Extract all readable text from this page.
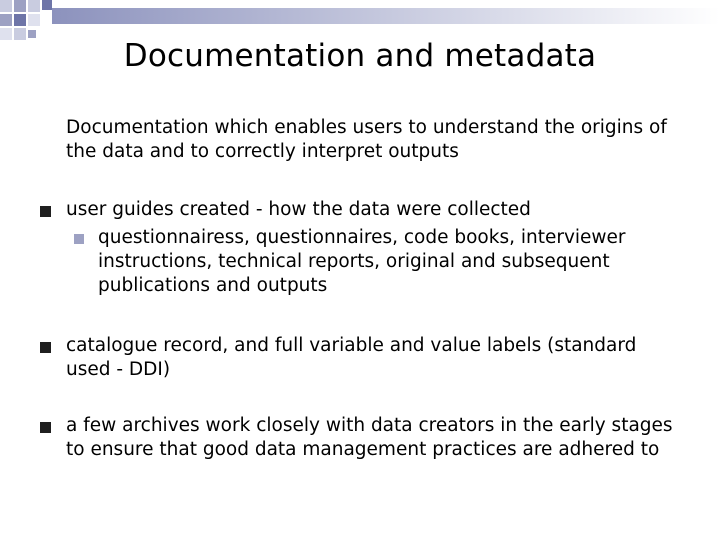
Documentation and metadata
Documentation which enables users to understand the origins of the data and to correctly interpret outputs
user guides created - how the data were collected
questionnairess, questionnaires, code books, interviewer instructions, technical reports, original and subsequent publications and outputs
catalogue record, and full variable and value labels (standard used - DDI)
a few archives work closely with data creators in the early stages to ensure that good data management practices are adhered to
